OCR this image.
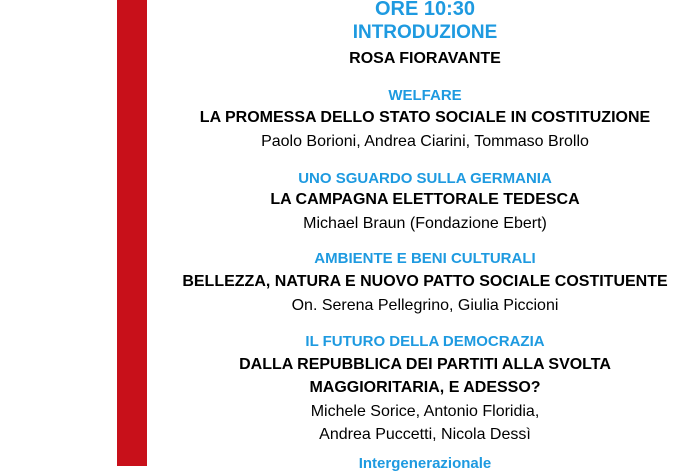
ORE 10:30
INTRODUZIONE
ROSA FIORAVANTE
WELFARE
LA PROMESSA DELLO STATO SOCIALE IN COSTITUZIONE
Paolo Borioni, Andrea Ciarini, Tommaso Brollo
UNO SGUARDO SULLA GERMANIA
LA CAMPAGNA ELETTORALE TEDESCA
Michael Braun (Fondazione Ebert)
AMBIENTE E BENI CULTURALI
BELLEZZA, NATURA E NUOVO PATTO SOCIALE COSTITUENTE
On. Serena Pellegrino, Giulia Piccioni
IL FUTURO DELLA DEMOCRAZIA
DALLA REPUBBLICA DEI PARTITI ALLA SVOLTA
MAGGIORITARIA, E ADESSO?
Michele Sorice, Antonio Floridia,
Andrea Puccetti, Nicola Dessì
Intergenerazionale
